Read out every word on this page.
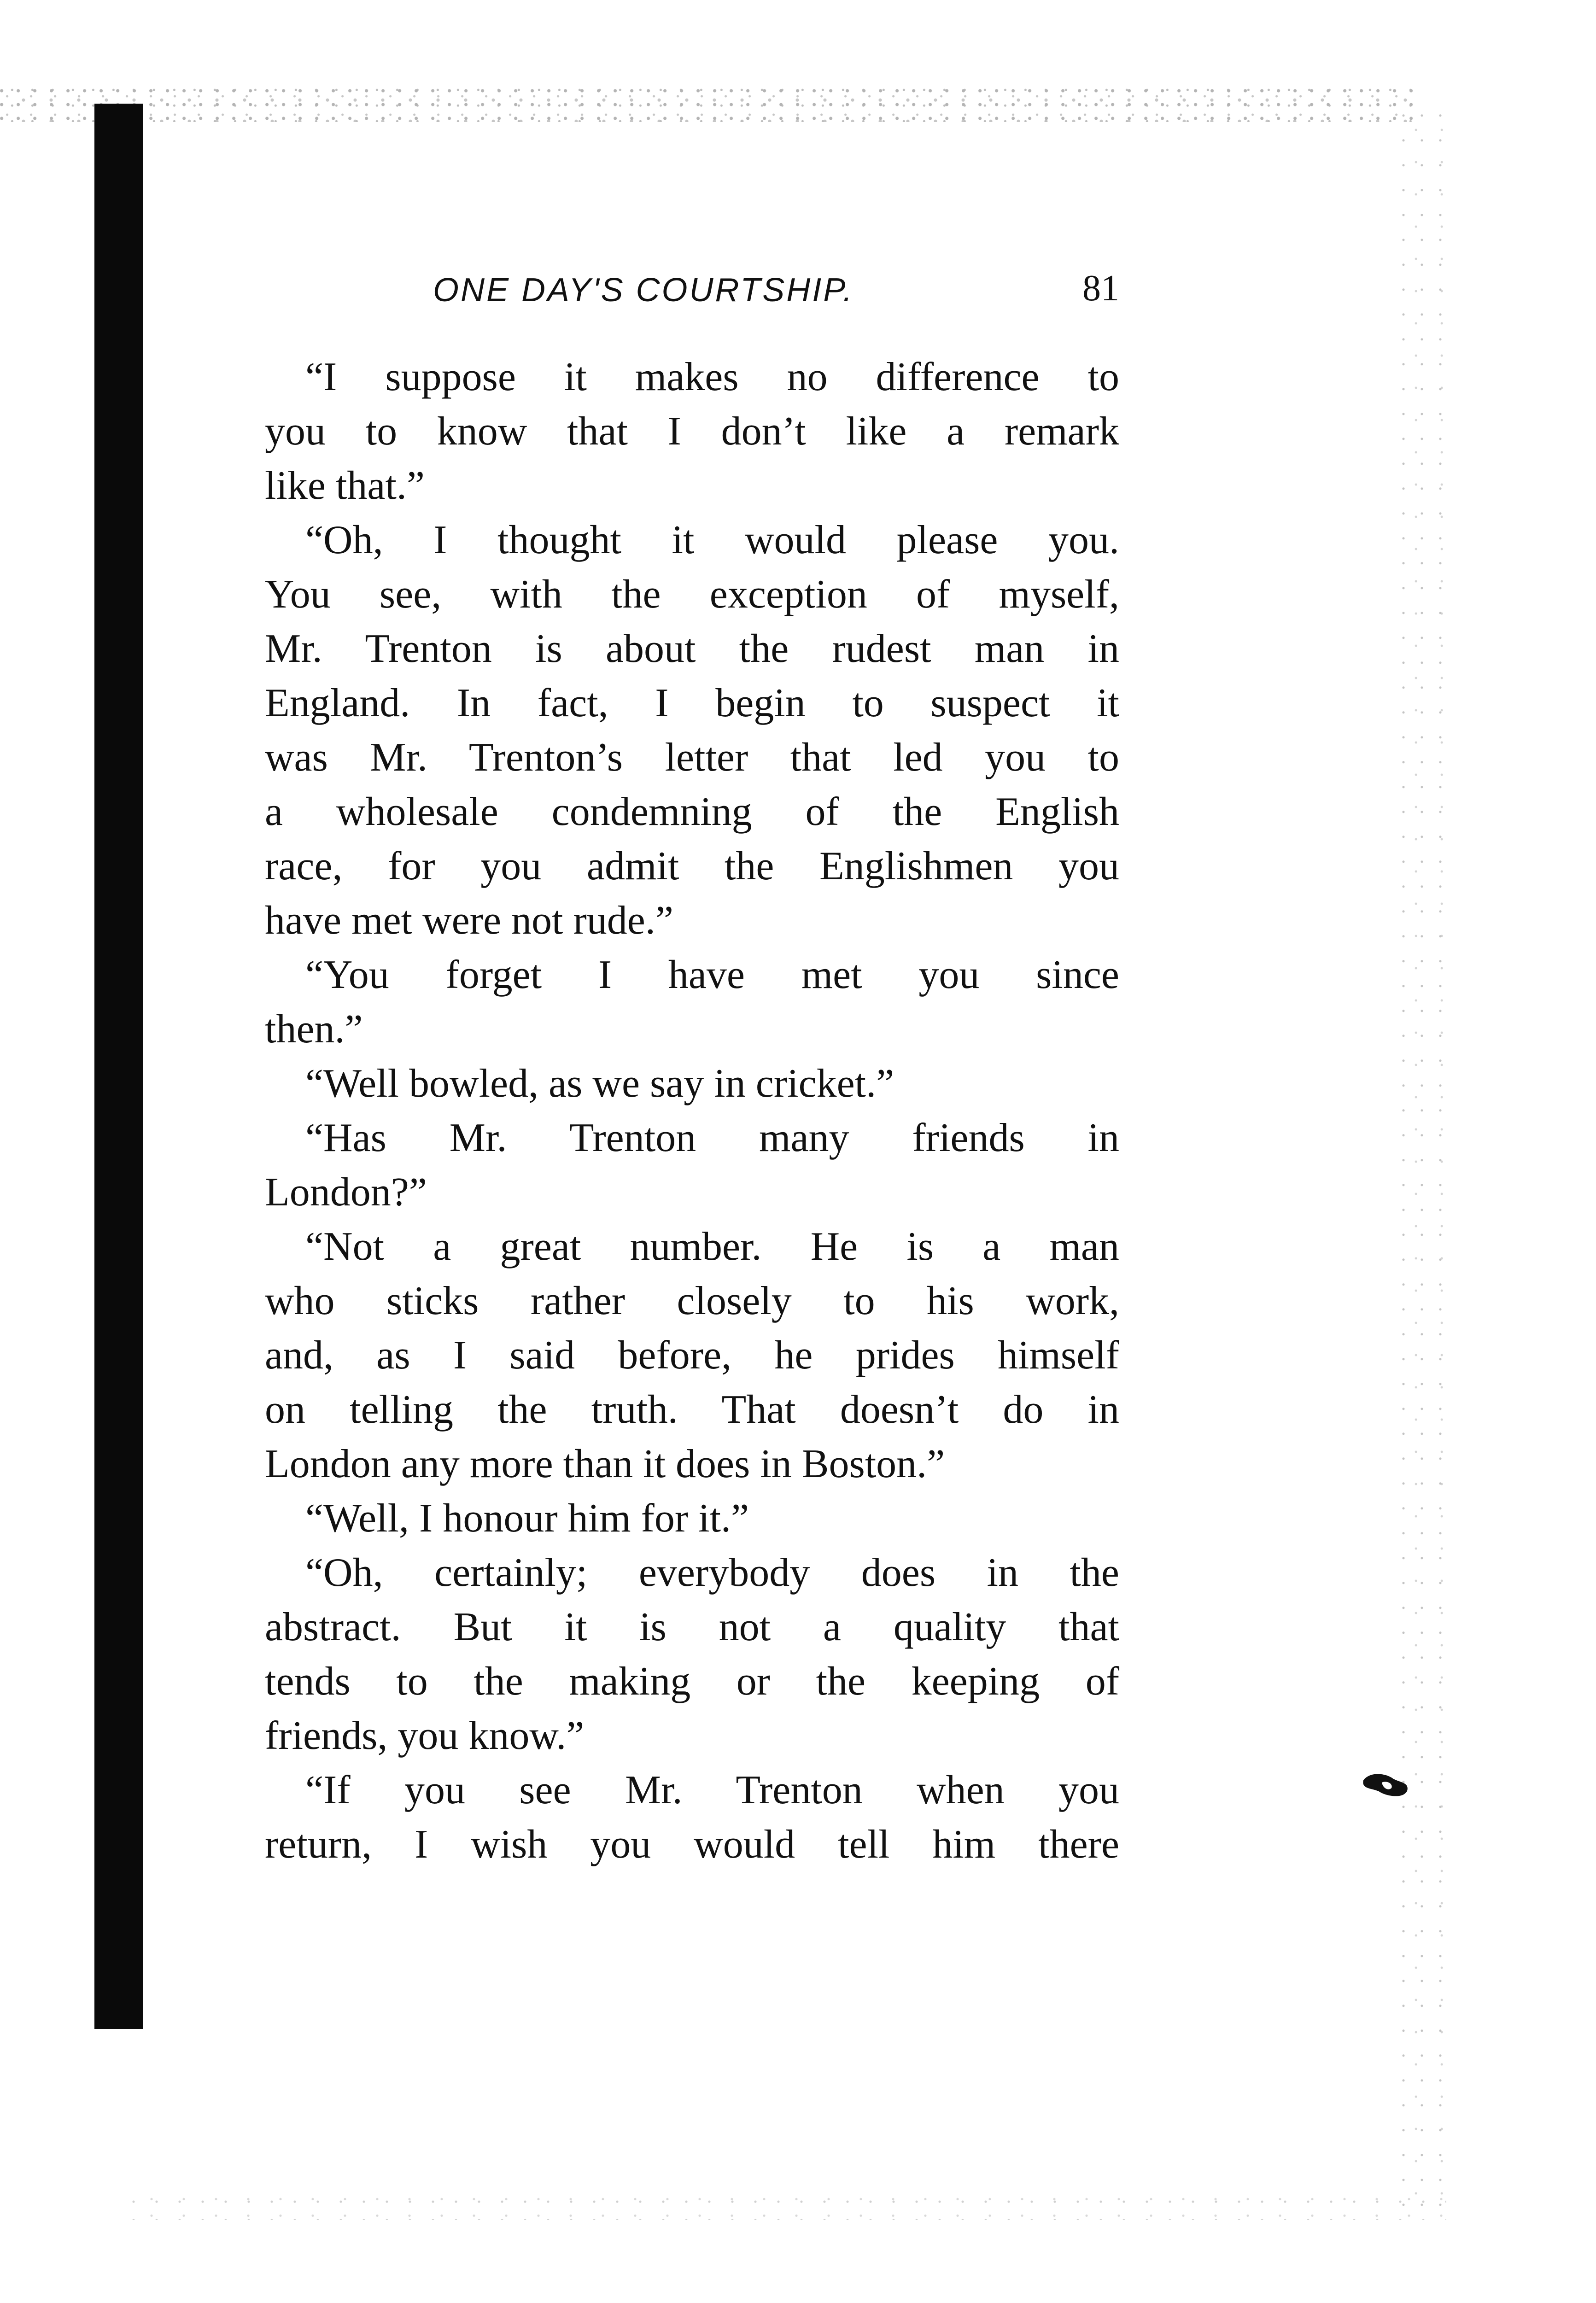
ONE DAY'S COURTSHIP.	81
“I suppose it makes no difference to
you to know that I don’t like a remark
like that.”
“Oh, I thought it would please you.
You see, with the exception of myself,
Mr. Trenton is about the rudest man in
England. In fact, I begin to suspect it
was Mr. Trenton’s letter that led you to
a wholesale condemning of the English
race, for you admit the Englishmen you
have met were not rude.”
“You forget I have met you since
then.”
“Well bowled, as we say in cricket.”
“Has Mr. Trenton many friends in
London?”
“Not a great number. He is a man
who sticks rather closely to his work,
and, as I said before, he prides himself
on telling the truth. That doesn’t do in
London any more than it does in Boston.”
“Well, I honour him for it.”
“Oh, certainly; everybody does in the
abstract. But it is not a quality that
tends to the making or the keeping of
friends, you know.”
“If you see Mr. Trenton when you
return, I wish you would tell him there
